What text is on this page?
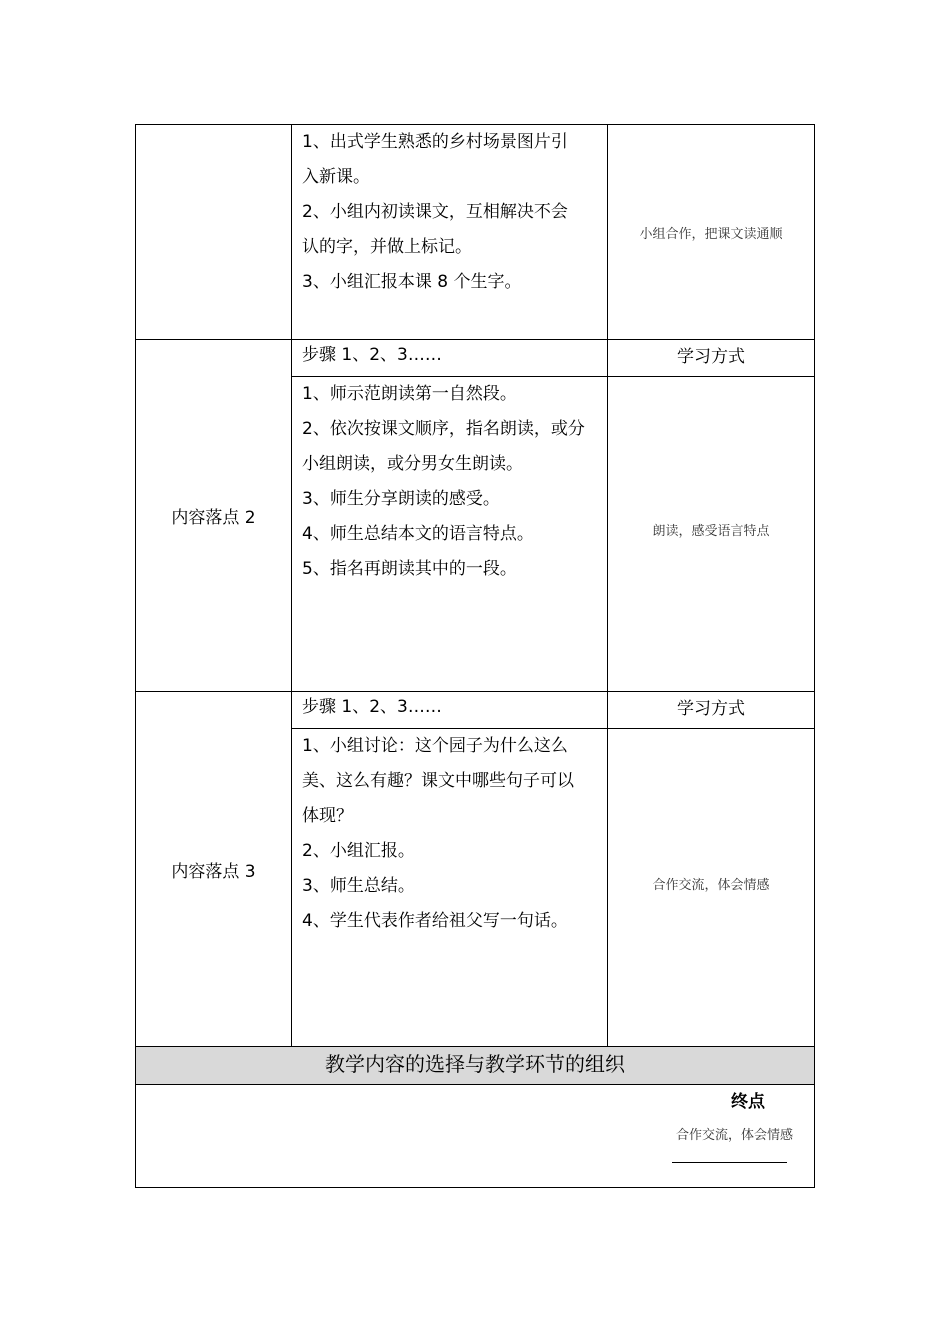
1、出式学生熟悉的乡村场景图片引
入新课。
2、小组内初读课文，互相解决不会
认的字，并做上标记。
3、小组汇报本课 8 个生字。
小组合作，把课文读通顺
内容落点 2
步骤 1、2、3……	学习方式
1、师示范朗读第一自然段。
2、依次按课文顺序，指名朗读，或分
小组朗读，或分男女生朗读。
3、师生分享朗读的感受。
4、师生总结本文的语言特点。
5、指名再朗读其中的一段。
朗读，感受语言特点
内容落点 3
步骤 1、2、3……	学习方式
1、小组讨论：这个园子为什么这么
美、这么有趣？课文中哪些句子可以
体现？
2、小组汇报。
3、师生总结。
4、学生代表作者给祖父写一句话。
合作交流，体会情感
教学内容的选择与教学环节的组织
终点
合作交流，体会情感
